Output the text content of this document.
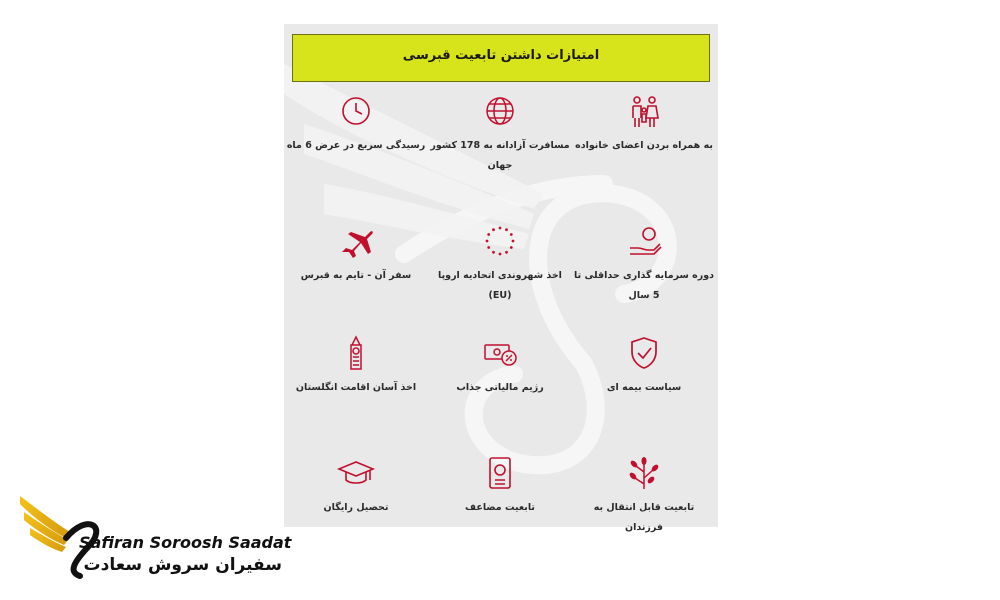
امتیازات داشتن تابعیت قبرسی
رسیدگی سریع در عرض 6 ماه مسافرت آزادانه به 178 کشور جهان
به همراه بردن اعضای خانواده
سفر آن - تایم به قبرس	اخذ شهروندی اتحادیه اروپا (EU)
دوره سرمایه گذاری حداقلی تا 5 سال
اخذ آسان اقامت انگلستان	رژیم مالیاتی جذاب	سیاست بیمه ای
تحصیل رایگان	تابعیت مضاعف	تابعیت قابل انتقال به فرزندان
Safiran Soroosh Saadat
سفیران سروش سعادت
